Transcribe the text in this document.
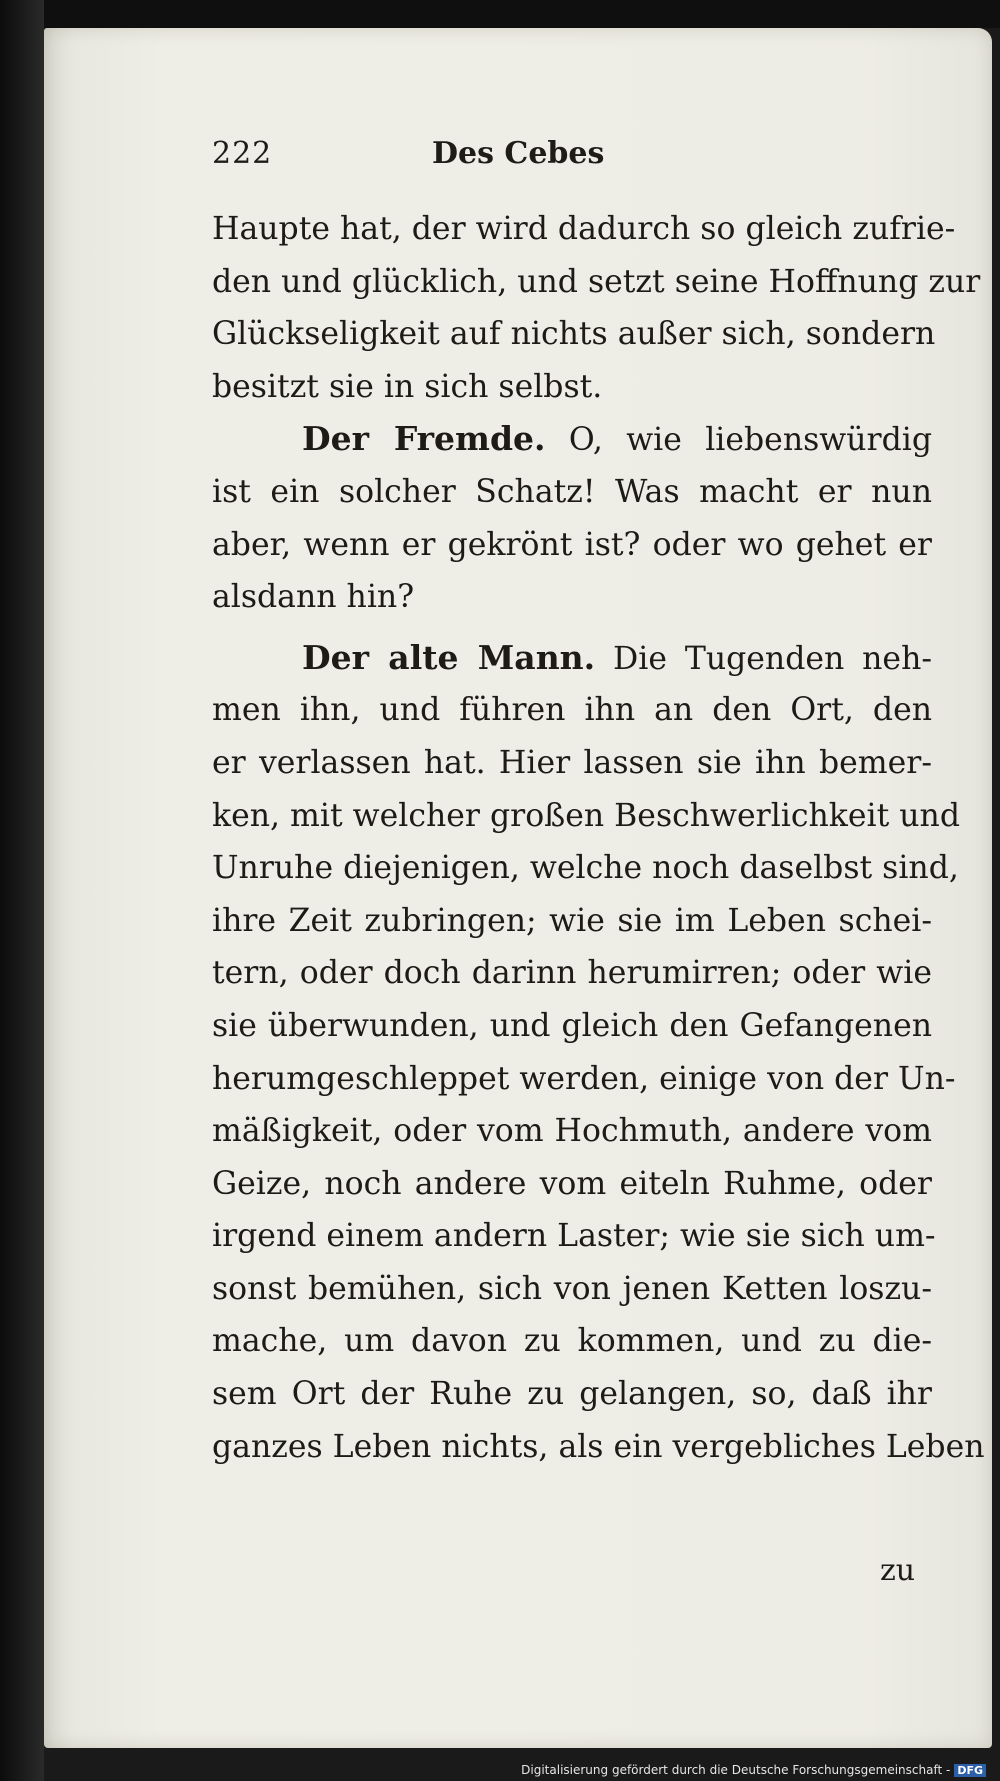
222	Des Cebes
Haupte hat, der wird dadurch so gleich zufrie-
den und glücklich, und setzt seine Hoffnung zur
Glückseligkeit auf nichts außer sich, sondern
besitzt sie in sich selbst.
Der Fremde. O, wie liebenswürdig
ist ein solcher Schatz! Was macht er nun
aber, wenn er gekrönt ist? oder wo gehet er
alsdann hin?
Der alte Mann. Die Tugenden neh-
men ihn, und führen ihn an den Ort, den
er verlassen hat. Hier lassen sie ihn bemer-
ken, mit welcher großen Beschwerlichkeit und
Unruhe diejenigen, welche noch daselbst sind,
ihre Zeit zubringen; wie sie im Leben schei-
tern, oder doch darinn herumirren; oder wie
sie überwunden, und gleich den Gefangenen
herumgeschleppet werden, einige von der Un-
mäßigkeit, oder vom Hochmuth, andere vom
Geize, noch andere vom eiteln Ruhme, oder
irgend einem andern Laster; wie sie sich um-
sonst bemühen, sich von jenen Ketten loszu-
mache, um davon zu kommen, und zu die-
sem Ort der Ruhe zu gelangen, so, daß ihr
ganzes Leben nichts, als ein vergebliches Leben
zu
Digitalisierung gefördert durch die Deutsche Forschungsgemeinschaft - DFG
